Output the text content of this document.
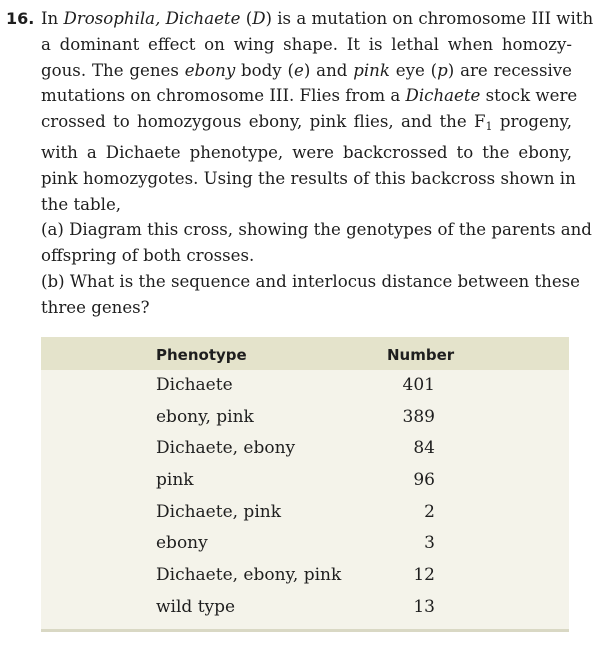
16. In Drosophila, Dichaete (D) is a mutation on chromosome III with
a dominant effect on wing shape. It is lethal when homozy-
gous. The genes ebony body (e) and pink eye (p) are recessive
mutations on chromosome III. Flies from a Dichaete stock were
crossed to homozygous ebony, pink flies, and the $F_1$ progeny,
with a Dichaete phenotype, were backcrossed to the ebony,
pink homozygotes. Using the results of this backcross shown in
the table,
(a) Diagram this cross, showing the genotypes of the parents and
offspring of both crosses.
(b) What is the sequence and interlocus distance between these
three genes?
Phenotype	Number
Dichaete	401
ebony, pink	389
Dichaete, ebony	84
pink	96
Dichaete, pink	2
ebony	3
Dichaete, ebony, pink	12
wild type	13
